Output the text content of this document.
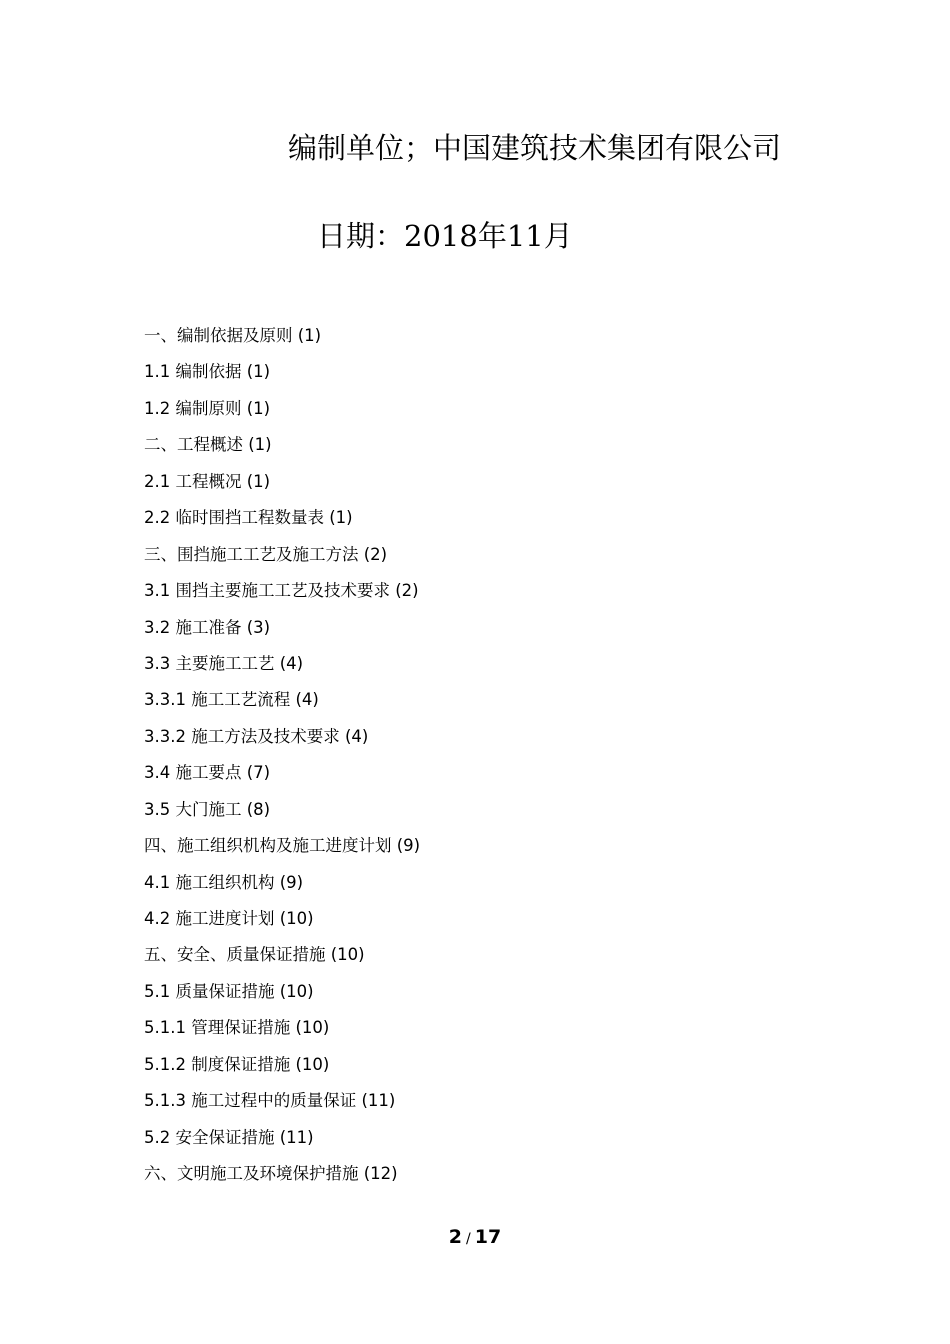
编制单位；中国建筑技术集团有限公司
日期：2018年11月
一、编制依据及原则 (1)
1.1 编制依据 (1)
1.2 编制原则 (1)
二、工程概述 (1)
2.1 工程概况 (1)
2.2 临时围挡工程数量表 (1)
三、围挡施工工艺及施工方法 (2)
3.1 围挡主要施工工艺及技术要求 (2)
3.2 施工准备 (3)
3.3 主要施工工艺 (4)
3.3.1 施工工艺流程 (4)
3.3.2 施工方法及技术要求 (4)
3.4 施工要点 (7)
3.5 大门施工 (8)
四、施工组织机构及施工进度计划 (9)
4.1 施工组织机构 (9)
4.2 施工进度计划 (10)
五、安全、质量保证措施 (10)
5.1 质量保证措施 (10)
5.1.1 管理保证措施 (10)
5.1.2 制度保证措施 (10)
5.1.3 施工过程中的质量保证 (11)
5.2 安全保证措施 (11)
六、文明施工及环境保护措施 (12)
2 / 17
